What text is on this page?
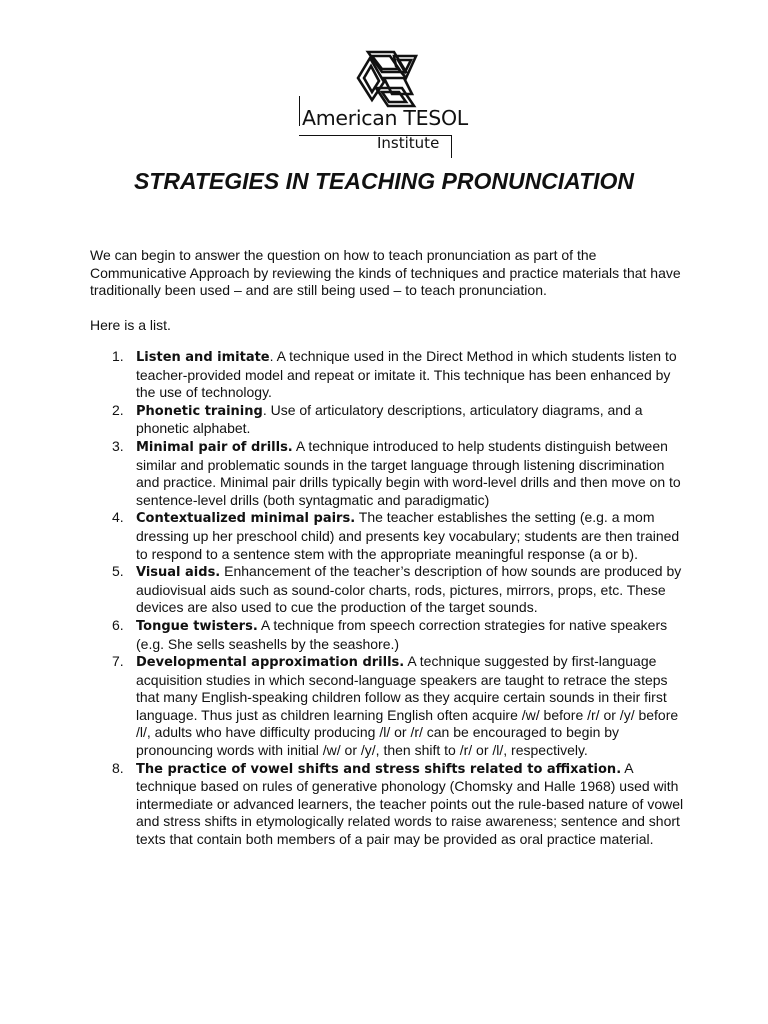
American TESOL
Institute
STRATEGIES IN TEACHING PRONUNCIATION

We can begin to answer the question on how to teach pronunciation as part of the Communicative Approach by reviewing the kinds of techniques and practice materials that have traditionally been used – and are still being used – to teach pronunciation.

Here is a list.

1. Listen and imitate. A technique used in the Direct Method in which students listen to teacher-provided model and repeat or imitate it. This technique has been enhanced by the use of technology.
2. Phonetic training. Use of articulatory descriptions, articulatory diagrams, and a phonetic alphabet.
3. Minimal pair of drills. A technique introduced to help students distinguish between similar and problematic sounds in the target language through listening discrimination and practice. Minimal pair drills typically begin with word-level drills and then move on to sentence-level drills (both syntagmatic and paradigmatic)
4. Contextualized minimal pairs. The teacher establishes the setting (e.g. a mom dressing up her preschool child) and presents key vocabulary; students are then trained to respond to a sentence stem with the appropriate meaningful response (a or b).
5. Visual aids. Enhancement of the teacher’s description of how sounds are produced by audiovisual aids such as sound-color charts, rods, pictures, mirrors, props, etc. These devices are also used to cue the production of the target sounds.
6. Tongue twisters. A technique from speech correction strategies for native speakers (e.g. She sells seashells by the seashore.)
7. Developmental approximation drills. A technique suggested by first-language acquisition studies in which second-language speakers are taught to retrace the steps that many English-speaking children follow as they acquire certain sounds in their first language. Thus just as children learning English often acquire /w/ before /r/ or /y/ before /l/, adults who have difficulty producing /l/ or /r/ can be encouraged to begin by pronouncing words with initial /w/ or /y/, then shift to /r/ or /l/, respectively.
8. The practice of vowel shifts and stress shifts related to affixation. A technique based on rules of generative phonology (Chomsky and Halle 1968) used with intermediate or advanced learners, the teacher points out the rule-based nature of vowel and stress shifts in etymologically related words to raise awareness; sentence and short texts that contain both members of a pair may be provided as oral practice material.
